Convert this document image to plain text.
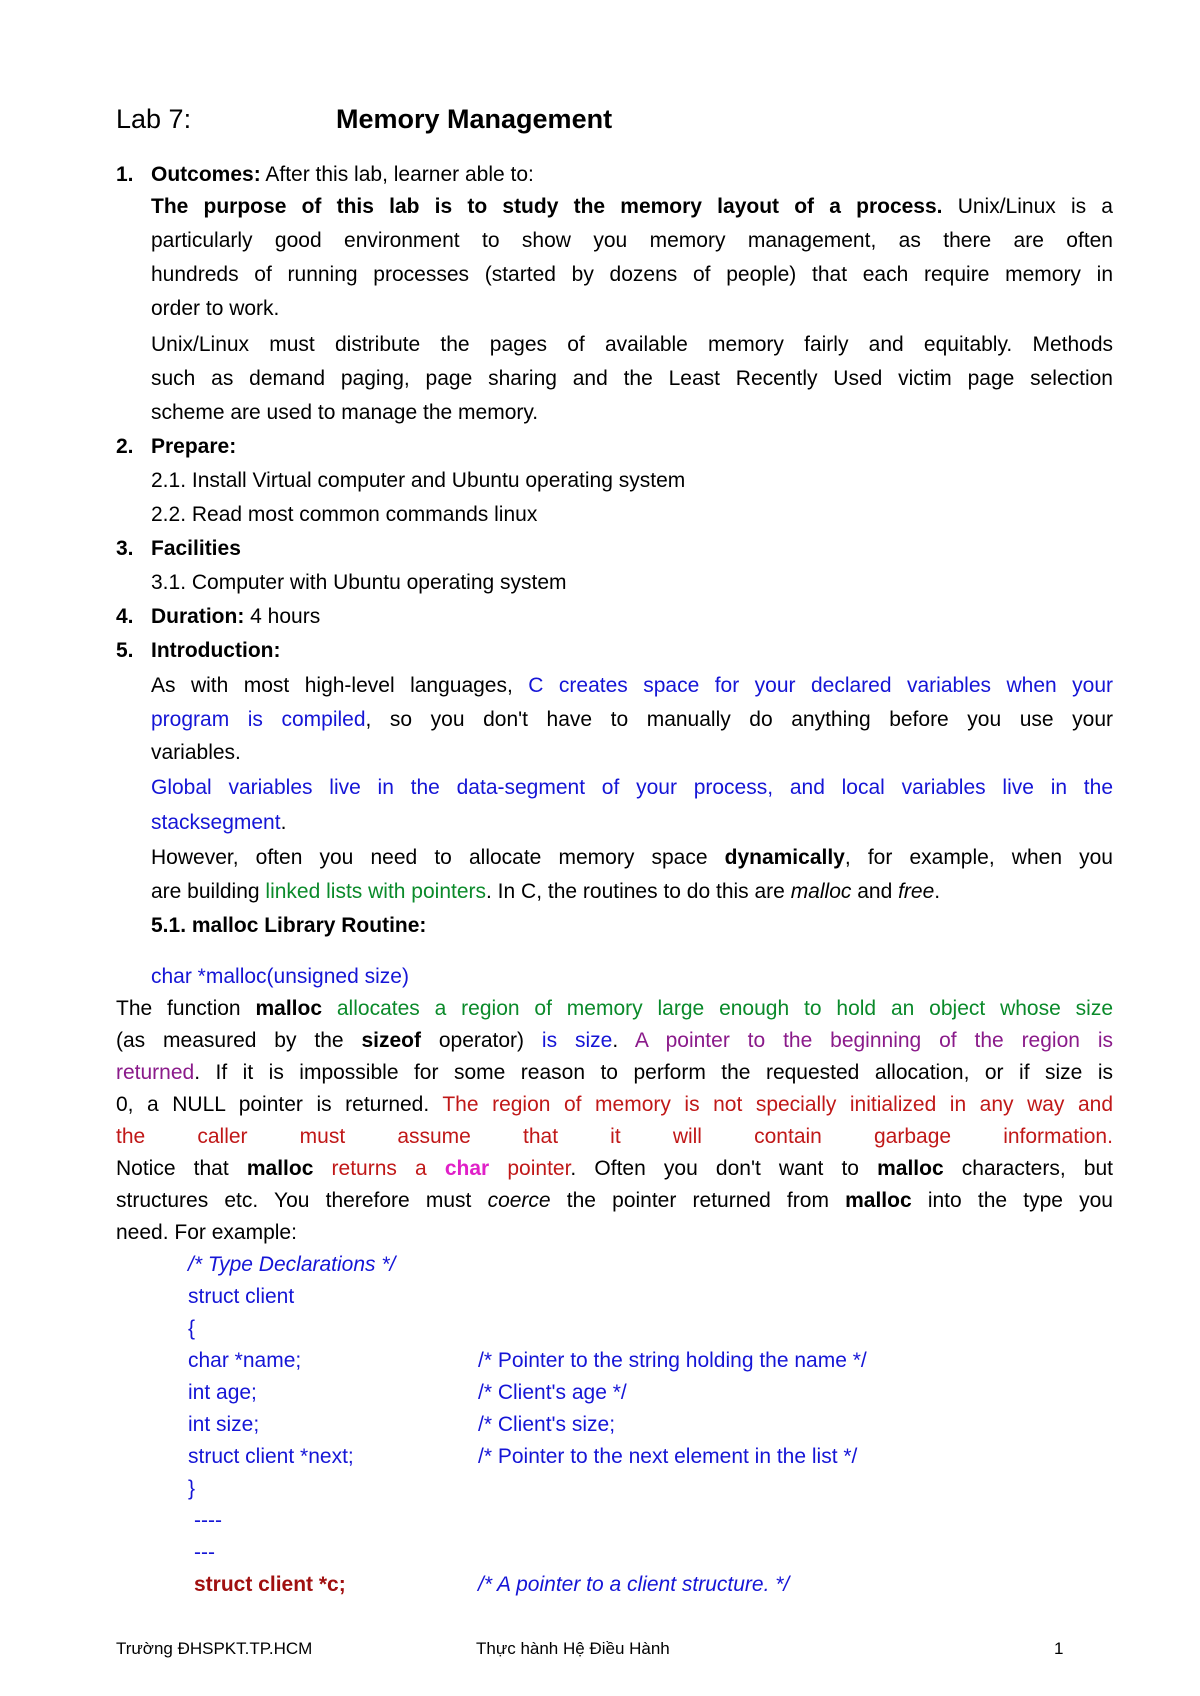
Lab 7:	Memory Management
1. Outcomes: After this lab, learner able to:
The purpose of this lab is to study the memory layout of a process. Unix/Linux is a
particularly good environment to show you memory management, as there are often
hundreds of running processes (started by dozens of people) that each require memory in
order to work.
Unix/Linux must distribute the pages of available memory fairly and equitably. Methods
such as demand paging, page sharing and the Least Recently Used victim page selection
scheme are used to manage the memory.
2. Prepare:
2.1. Install Virtual computer and Ubuntu operating system
2.2. Read most common commands linux
3. Facilities
3.1. Computer with Ubuntu operating system
4. Duration: 4 hours
5. Introduction:
As with most high-level languages, C creates space for your declared variables when your
program is compiled, so you don't have to manually do anything before you use your
variables.
Global variables live in the data-segment of your process, and local variables live in the
stacksegment.
However, often you need to allocate memory space dynamically, for example, when you
are building linked lists with pointers. In C, the routines to do this are malloc and free.
5.1. malloc Library Routine:
char *malloc(unsigned size)
The function malloc allocates a region of memory large enough to hold an object whose size
(as measured by the sizeof operator) is size. A pointer to the beginning of the region is
returned. If it is impossible for some reason to perform the requested allocation, or if size is
0, a NULL pointer is returned. The region of memory is not specially initialized in any way and
the caller must assume that it will contain garbage information.
Notice that malloc returns a char pointer. Often you don't want to malloc characters, but
structures etc. You therefore must coerce the pointer returned from malloc into the type you
need. For example:
/* Type Declarations */
struct client
{
char *name;	/* Pointer to the string holding the name */
int age;	/* Client's age */
int size;	/* Client's size;
struct client *next;	/* Pointer to the next element in the list */
}
----
---
struct client *c;	/* A pointer to a client structure. */
Trường ĐHSPKT.TP.HCM	Thực hành Hệ Điều Hành	1
